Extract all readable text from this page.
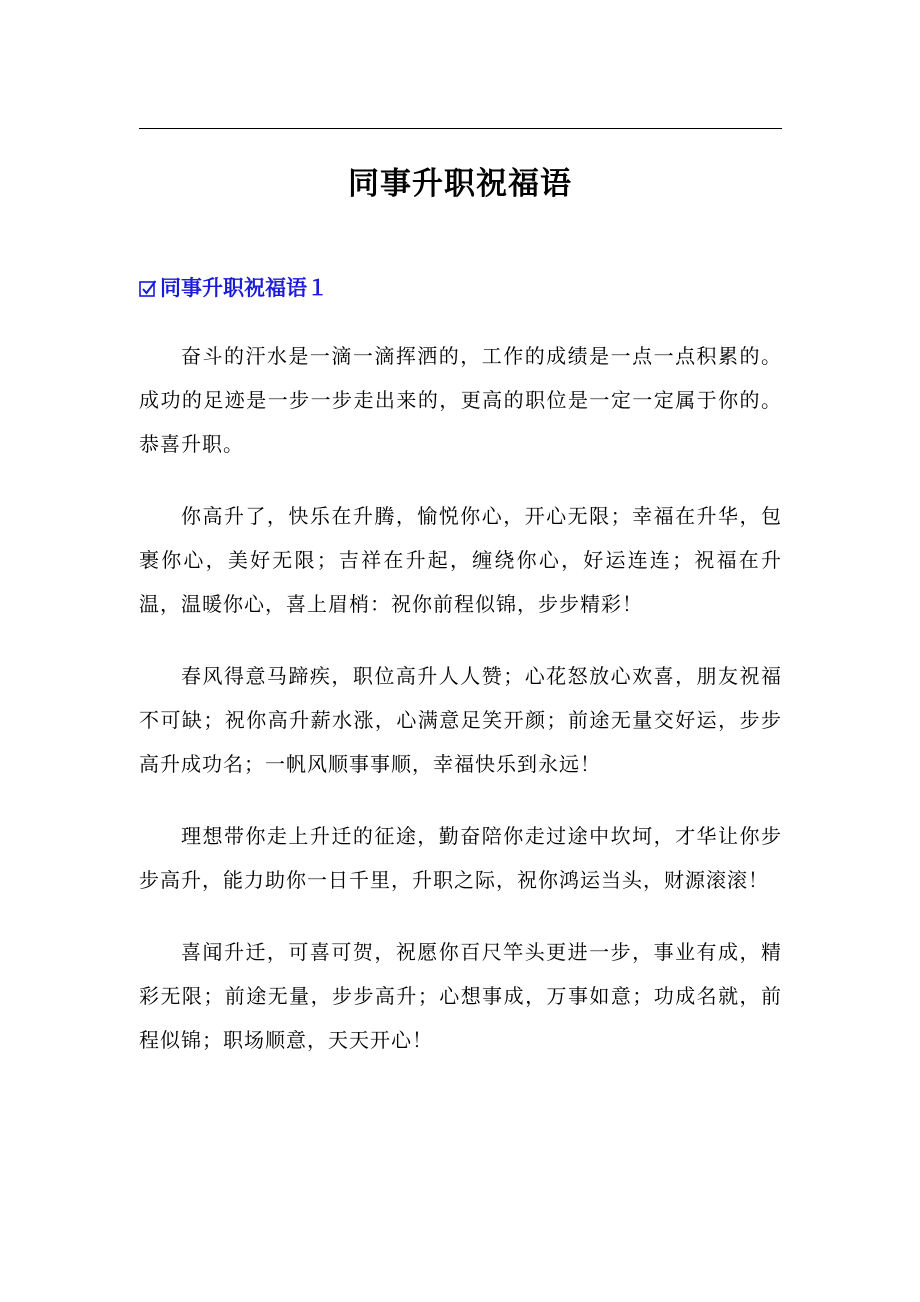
同事升职祝福语
同事升职祝福语１

奋斗的汗水是一滴一滴挥洒的，工作的成绩是一点一点积累的。成功的足迹是一步一步走出来的，更高的职位是一定一定属于你的。恭喜升职。

你高升了，快乐在升腾，愉悦你心，开心无限；幸福在升华，包裹你心，美好无限；吉祥在升起，缠绕你心，好运连连；祝福在升温，温暖你心，喜上眉梢：祝你前程似锦，步步精彩！

春风得意马蹄疾，职位高升人人赞；心花怒放心欢喜，朋友祝福不可缺；祝你高升薪水涨，心满意足笑开颜；前途无量交好运，步步高升成功名；一帆风顺事事顺，幸福快乐到永远！

理想带你走上升迁的征途，勤奋陪你走过途中坎坷，才华让你步步高升，能力助你一日千里，升职之际，祝你鸿运当头，财源滚滚！

喜闻升迁，可喜可贺，祝愿你百尺竿头更进一步，事业有成，精彩无限；前途无量，步步高升；心想事成，万事如意；功成名就，前程似锦；职场顺意，天天开心！
